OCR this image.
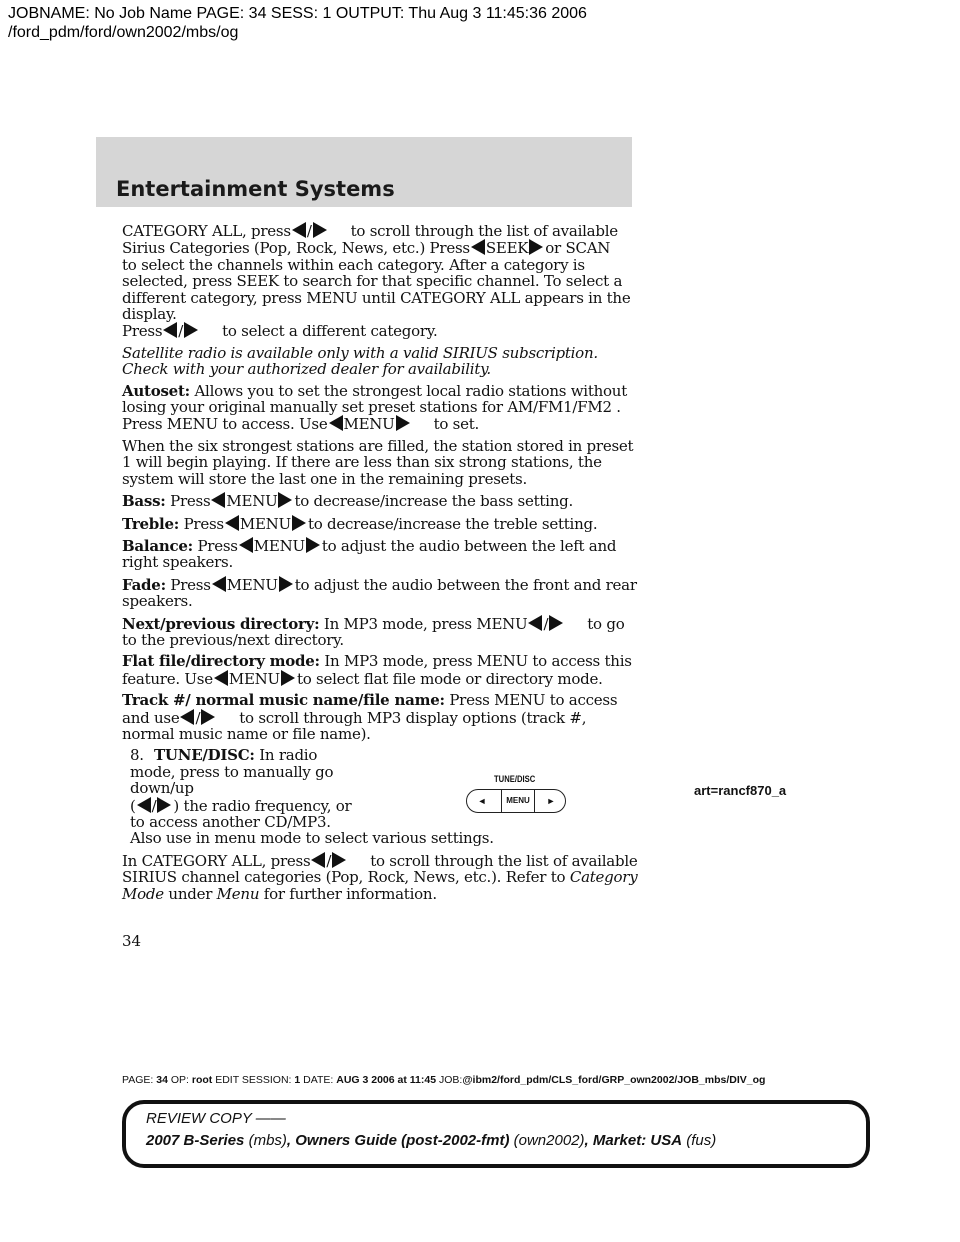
JOBNAME: No Job Name PAGE: 34 SESS: 1 OUTPUT: Thu Aug 3 11:45:36 2006
/ford_pdm/ford/own2002/mbs/og
Entertainment Systems

CATEGORY ALL, press /	to scroll through the list of available
Sirius Categories (Pop, Rock, News, etc.) Press SEEK or SCAN
to select the channels within each category. After a category is selected, press SEEK to search for that specific channel. To select a different category, press MENU until CATEGORY ALL appears in the display.
Press /	to select a different category.

Satellite radio is available only with a valid SIRIUS subscription. Check with your authorized dealer for availability.

Autoset: Allows you to set the strongest local radio stations without losing your original manually set preset stations for AM/FM1/FM2 . Press MENU to access. Use MENU	to set.

When the six strongest stations are filled, the station stored in preset 1 will begin playing. If there are less than six strong stations, the system will store the last one in the remaining presets.

Bass: Press MENU to decrease/increase the bass setting.

Treble: Press MENU to decrease/increase the treble setting.

Balance: Press MENU to adjust the audio between the left and right speakers.

Fade: Press MENU to adjust the audio between the front and rear speakers.

Next/previous directory: In MP3 mode, press MENU /	to go to the previous/next directory.

Flat file/directory mode: In MP3 mode, press MENU to access this feature. Use MENU to select flat file mode or directory mode.

Track #/ normal music name/file name: Press MENU to access and use /	to scroll through MP3 display options (track #, normal music name or file name).

8. TUNE/DISC: In radio mode, press to manually go down/up
( / ) the radio frequency, or to access another CD/MP3.
Also use in menu mode to select various settings.

In CATEGORY ALL, press /	to scroll through the list of available SIRIUS channel categories (Pop, Rock, News, etc.). Refer to Category Mode under Menu for further information.

TUNE/DISC
◄	MENU	►
art=rancf870_a
34
PAGE: 34 OP: root EDIT SESSION: 1 DATE: AUG 3 2006 at 11:45 JOB:@ibm2/ford_pdm/CLS_ford/GRP_own2002/JOB_mbs/DIV_og
REVIEW COPY ——
2007 B-Series (mbs), Owners Guide (post-2002-fmt) (own2002), Market: USA (fus)
